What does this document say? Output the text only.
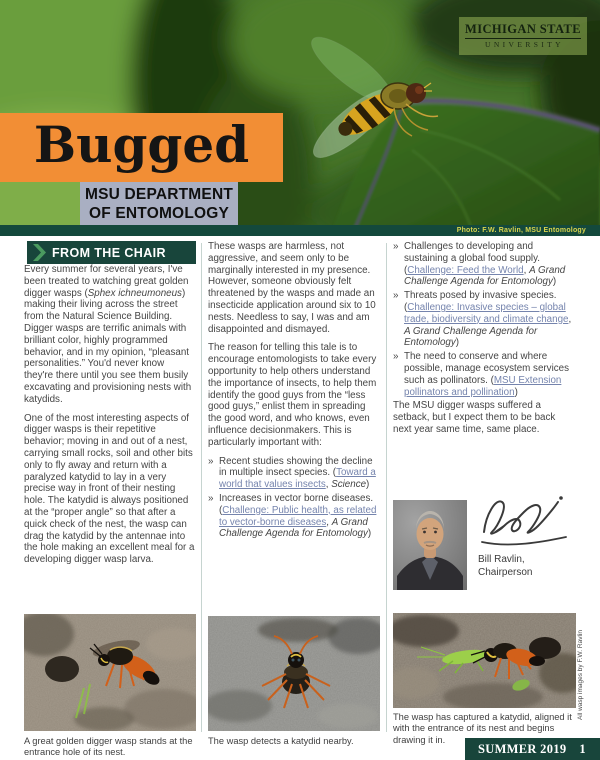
MICHIGAN STATE
UNIVERSITY
Bugged
MSU DEPARTMENT
OF ENTOMOLOGY
Photo: F.W. Ravlin, MSU Entomology
FROM THE CHAIR

Every summer for several years, I've been treated to watching great golden digger wasps (Sphex ichneumoneus) making their living across the street from the Natural Science Building. Digger wasps are terrific animals with brilliant color, highly programmed behavior, and in my opinion, “pleasant personalities.” You'd never know they're there until you see them busily excavating and provisioning nests with katydids.

One of the most interesting aspects of digger wasps is their repetitive behavior; moving in and out of a nest, carrying small rocks, soil and other bits only to fly away and return with a paralyzed katydid to lay in a very precise way in front of their nesting hole. The katydid is always positioned at the “proper angle” so that after a quick check of the nest, the wasp can drag the katydid by the antennae into the hole making an excellent meal for a developing digger wasp larva.

These wasps are harmless, not aggressive, and seem only to be marginally interested in my presence. However, someone obviously felt threatened by the wasps and made an insecticide application around six to 10 nests. Needless to say, I was and am disappointed and dismayed.

The reason for telling this tale is to encourage entomologists to take every opportunity to help others understand the importance of insects, to help them identify the good guys from the “less good guys,” enlist them in spreading the good word, and who knows, even influence decisionmakers. This is particularly important with:

» Recent studies showing the decline in multiple insect species. (Toward a world that values insects, Science)
» Increases in vector borne diseases. (Challenge: Public health, as related to vector-borne diseases, A Grand Challenge Agenda for Entomology)
» Challenges to developing and sustaining a global food supply. (Challenge: Feed the World, A Grand Challenge Agenda for Entomology)
» Threats posed by invasive species. (Challenge: Invasive species – global trade, biodiversity and climate change, A Grand Challenge Agenda for Entomology)
» The need to conserve and where possible, manage ecosystem services such as pollinators. (MSU Extension pollinators and pollination)

The MSU digger wasps suffered a setback, but I expect them to be back next year same time, same place.

Bill Ravlin,
Chairperson
A great golden digger wasp stands at the entrance hole of its nest.
The wasp detects a katydid nearby.
The wasp has captured a katydid, aligned it with the entrance of its nest and begins drawing it in.
All wasp images by F.W. Ravlin
SUMMER 2019 1
